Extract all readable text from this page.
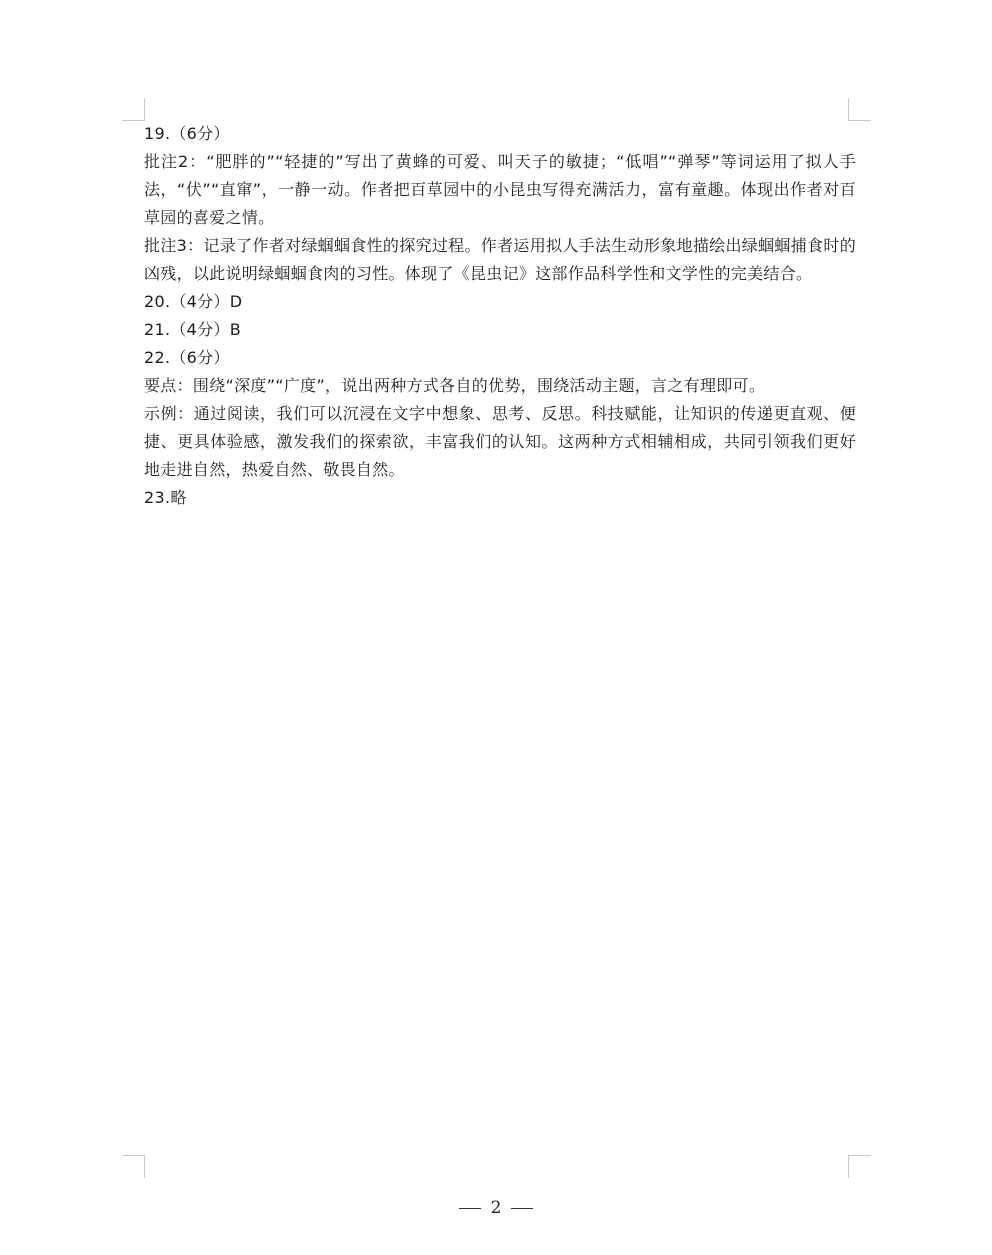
19.（6分）

批注2：“肥胖的”“轻捷的”写出了黄蜂的可爱、叫天子的敏捷；“低唱”“弹琴”等词运用了拟人手法，“伏”“直窜”，一静一动。作者把百草园中的小昆虫写得充满活力，富有童趣。体现出作者对百草园的喜爱之情。

批注3：记录了作者对绿蝈蝈食性的探究过程。作者运用拟人手法生动形象地描绘出绿蝈蝈捕食时的凶残，以此说明绿蝈蝈食肉的习性。体现了《昆虫记》这部作品科学性和文学性的完美结合。

20.（4分）D

21.（4分）B

22.（6分）

要点：围绕“深度”“广度”，说出两种方式各自的优势，围绕活动主题，言之有理即可。

示例：通过阅读，我们可以沉浸在文字中想象、思考、反思。科技赋能，让知识的传递更直观、便捷、更具体验感，激发我们的探索欲，丰富我们的认知。这两种方式相辅相成，共同引领我们更好地走进自然，热爱自然、敬畏自然。

23.略

2
